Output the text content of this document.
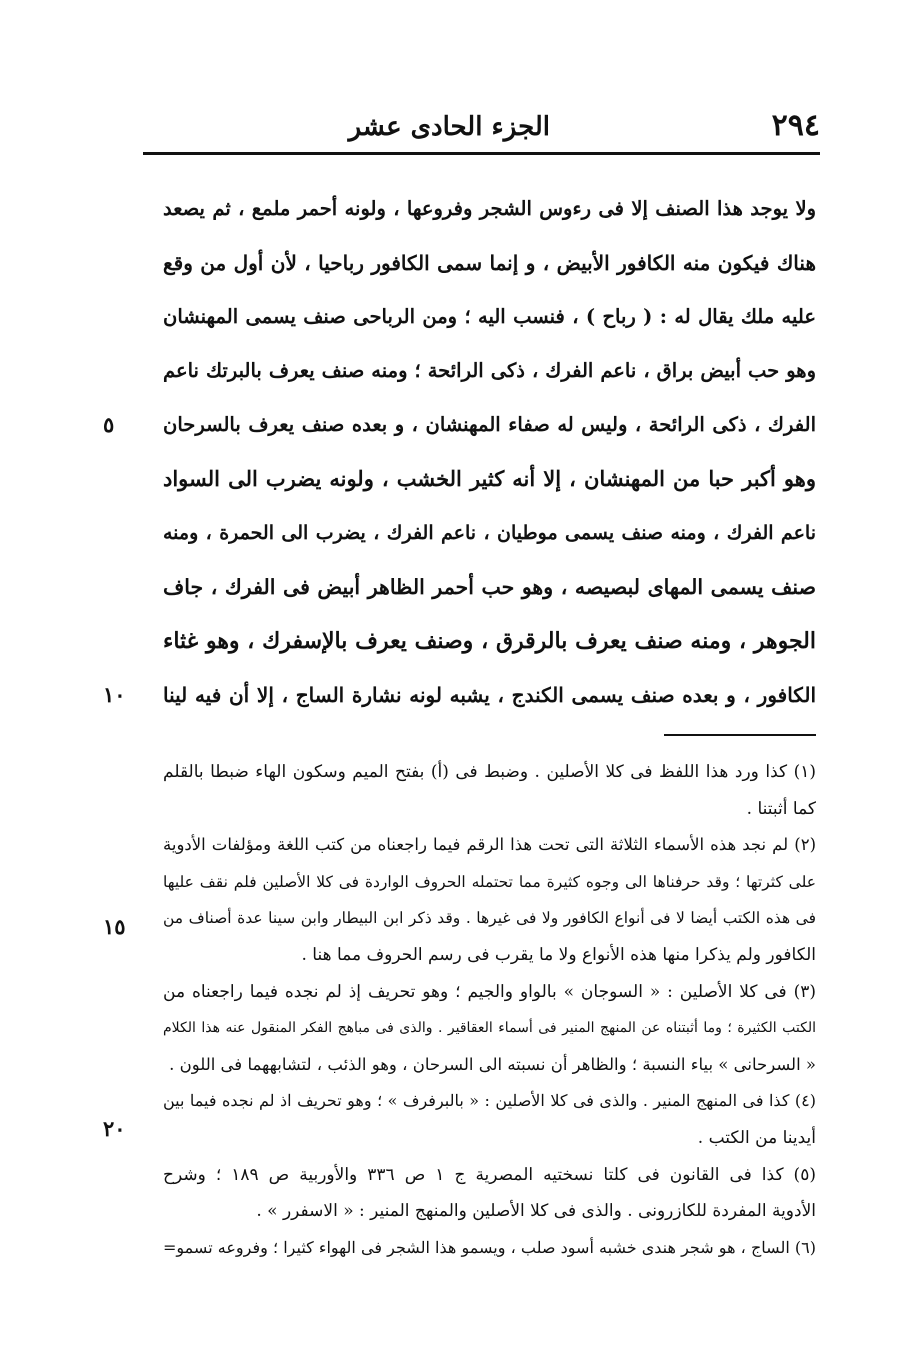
٢٩٤
الجزء الحادى عشر
ولا يوجد هذا الصنف إلا فى رءوس الشجر وفروعها ، ولونه أحمر ملمع ، ثم يصعد
هناك فيكون منه الكافور الأبيض ، و إنما سمى الكافور رباحيا ، لأن أول من وقع
عليه ملك يقال له : ( رباح ) ، فنسب اليه ؛ ومن الرباحى صنف يسمى المهنشان
وهو حب أبيض براق ، ناعم الفرك ، ذكى الرائحة ؛ ومنه صنف يعرف بالبرتك ناعم
الفرك ، ذكى الرائحة ، وليس له صفاء المهنشان ، و بعده صنف يعرف بالسرحان
وهو أكبر حبا من المهنشان ، إلا أنه كثير الخشب ، ولونه يضرب الى السواد
ناعم الفرك ، ومنه صنف يسمى موطيان ، ناعم الفرك ، يضرب الى الحمرة ، ومنه
صنف يسمى المهاى لبصيصه ، وهو حب أحمر الظاهر أبيض فى الفرك ، جاف
الجوهر ، ومنه صنف يعرف بالرقرق ، وصنف يعرف بالإسفرك ، وهو غثاء
الكافور ، و بعده صنف يسمى الكندج ، يشبه لونه نشارة الساج ، إلا أن فيه لينا
٥
١٠
(١) كذا ورد هذا اللفظ فى كلا الأصلين . وضبط فى (أ) بفتح الميم وسكون الهاء ضبطا بالقلم
كما أثبتنا .
(٢) لم نجد هذه الأسماء الثلاثة التى تحت هذا الرقم فيما راجعناه من كتب اللغة ومؤلفات الأدوية
على كثرتها ؛ وقد حرفناها الى وجوه كثيرة مما تحتمله الحروف الواردة فى كلا الأصلين فلم نقف عليها
فى هذه الكتب أيضا لا فى أنواع الكافور ولا فى غيرها . وقد ذكر ابن البيطار وابن سينا عدة أصناف من
الكافور ولم يذكرا منها هذه الأنواع ولا ما يقرب فى رسم الحروف مما هنا .
(٣) فى كلا الأصلين : « السوجان » بالواو والجيم ؛ وهو تحريف إذ لم نجده فيما راجعناه من
الكتب الكثيرة ؛ وما أثبتناه عن المنهج المنير فى أسماء العقاقير . والذى فى مباهج الفكر المنقول عنه هذا الكلام
« السرحانى » بياء النسبة ؛ والظاهر أن نسبته الى السرحان ، وهو الذئب ، لتشابههما فى اللون .
(٤) كذا فى المنهج المنير . والذى فى كلا الأصلين : « بالبرفرف » ؛ وهو تحريف اذ لم نجده فيما بين
أيدينا من الكتب .
(٥) كذا فى القانون فى كلتا نسختيه المصرية ج ١ ص ٣٣٦ والأوربية ص ١٨٩ ؛ وشرح
الأدوية المفردة للكازرونى . والذى فى كلا الأصلين والمنهج المنير : « الاسفرر » .
(٦) الساج ، هو شجر هندى خشبه أسود صلب ، ويسمو هذا الشجر فى الهواء كثيرا ؛ وفروعه تسمو=
١٥
٢٠
